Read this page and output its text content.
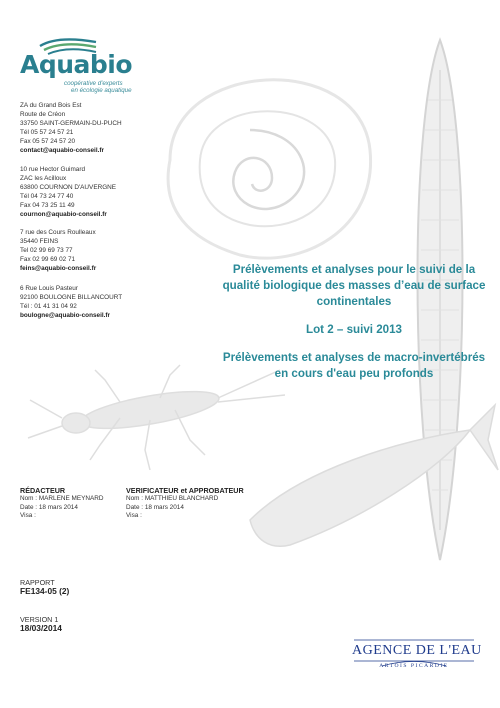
Aquabio
coopérative d'experts
en écologie aquatique
ZA du Grand Bois Est
Route de Créon
33750 SAINT-GERMAIN-DU-PUCH
Tél 05 57 24 57 21
Fax 05 57 24 57 20
contact@aquabio-conseil.fr
10 rue Hector Guimard
ZAC les Acilloux
63800 COURNON D'AUVERGNE
Tél 04 73 24 77 40
Fax 04 73 25 11 49
cournon@aquabio-conseil.fr
7 rue des Cours Roulleaux
35440 FEINS
Tel 02 99 69 73 77
Fax 02 99 69 02 71
feins@aquabio-conseil.fr
6 Rue Louis Pasteur
92100 BOULOGNE BILLANCOURT
Tél : 01 41 31 04 92
boulogne@aquabio-conseil.fr
Prélèvements et analyses pour le suivi de la qualité biologique des masses d’eau de surface continentales
Lot 2 – suivi 2013
Prélèvements et analyses de macro-invertébrés en cours d'eau peu profonds
RÉDACTEUR
Nom : MARLENE MEYNARD
Date : 18 mars 2014
Visa :
VERIFICATEUR et APPROBATEUR
Nom : MATTHIEU BLANCHARD
Date : 18 mars 2014
Visa :
RAPPORT
FE134-05 (2)
VERSION 1
18/03/2014
AGENCE DE L'EAU
ARTOIS PICARDIE
